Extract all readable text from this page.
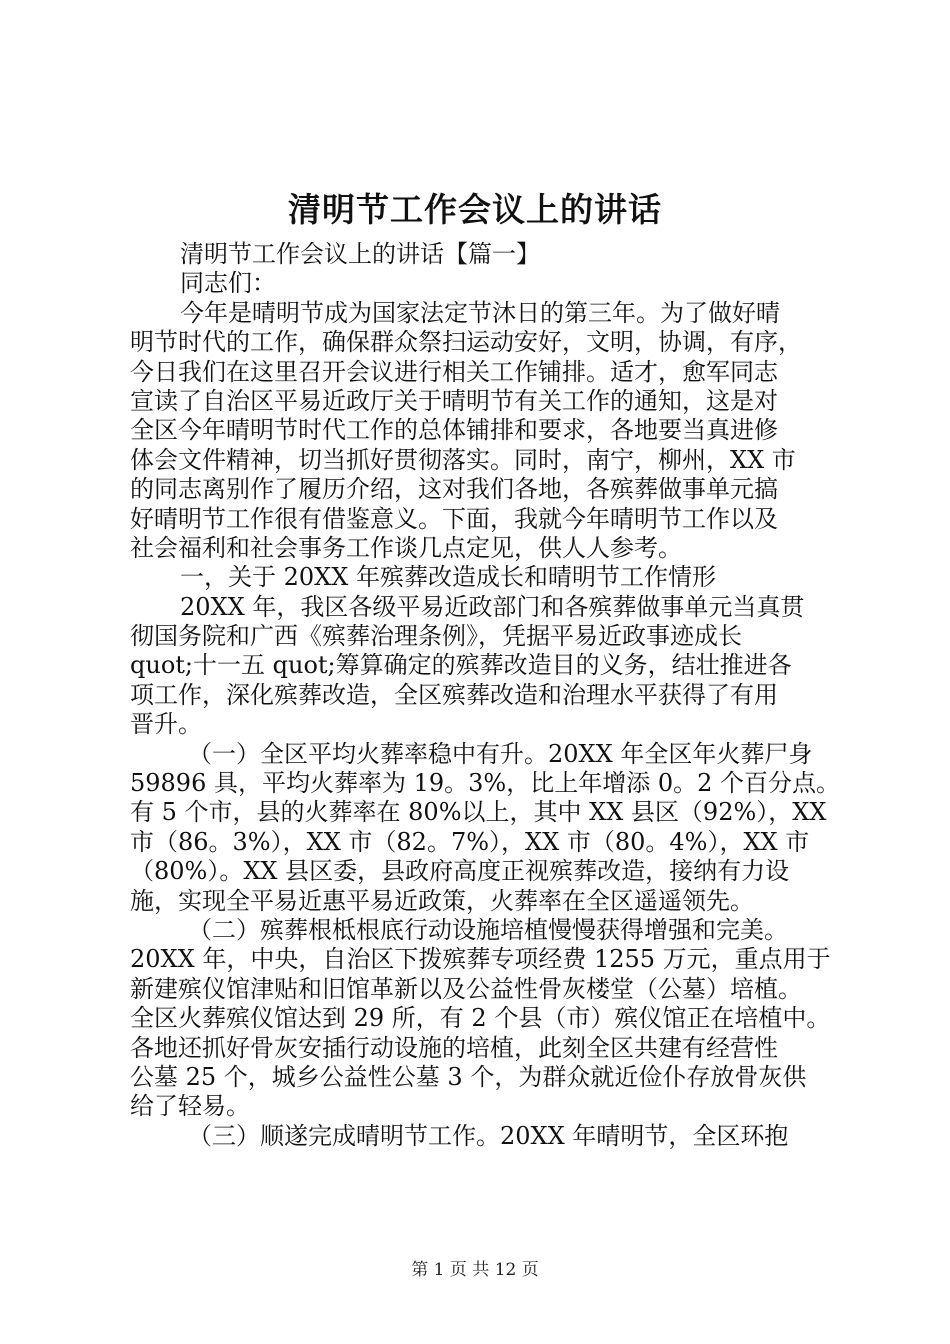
清明节工作会议上的讲话
清明节工作会议上的讲话【篇一】
同志们：
今年是晴明节成为国家法定节沐日的第三年。为了做好晴
明节时代的工作，确保群众祭扫运动安好，文明，协调，有序，
今日我们在这里召开会议进行相关工作铺排。适才，愈军同志
宣读了自治区平易近政厅关于晴明节有关工作的通知，这是对
全区今年晴明节时代工作的总体铺排和要求，各地要当真进修
体会文件精神，切当抓好贯彻落实。同时，南宁，柳州，XX 市
的同志离别作了履历介绍，这对我们各地，各殡葬做事单元搞
好晴明节工作很有借鉴意义。下面，我就今年晴明节工作以及
社会福利和社会事务工作谈几点定见，供人人参考。
一，关于 20XX 年殡葬改造成长和晴明节工作情形
20XX 年，我区各级平易近政部门和各殡葬做事单元当真贯
彻国务院和广西《殡葬治理条例》，凭据平易近政事迹成长
quot;十一五 quot;筹算确定的殡葬改造目的义务，结壮推进各
项工作，深化殡葬改造，全区殡葬改造和治理水平获得了有用
晋升。
（一）全区平均火葬率稳中有升。20XX 年全区年火葬尸身
59896 具，平均火葬率为 19。3%，比上年增添 0。2 个百分点。
有 5 个市，县的火葬率在 80%以上，其中 XX 县区（92%），XX
市（86。3%），XX 市（82。7%），XX 市（80。4%），XX 市
（80%）。XX 县区委，县政府高度正视殡葬改造，接纳有力设
施，实现全平易近惠平易近政策，火葬率在全区遥遥领先。
（二）殡葬根柢根底行动设施培植慢慢获得增强和完美。
20XX 年，中央，自治区下拨殡葬专项经费 1255 万元，重点用于
新建殡仪馆津贴和旧馆革新以及公益性骨灰楼堂（公墓）培植。
全区火葬殡仪馆达到 29 所，有 2 个县（市）殡仪馆正在培植中。
各地还抓好骨灰安插行动设施的培植，此刻全区共建有经营性
公墓 25 个，城乡公益性公墓 3 个，为群众就近俭仆存放骨灰供
给了轻易。
（三）顺遂完成晴明节工作。20XX 年晴明节，全区环抱
第 1 页 共 12 页
